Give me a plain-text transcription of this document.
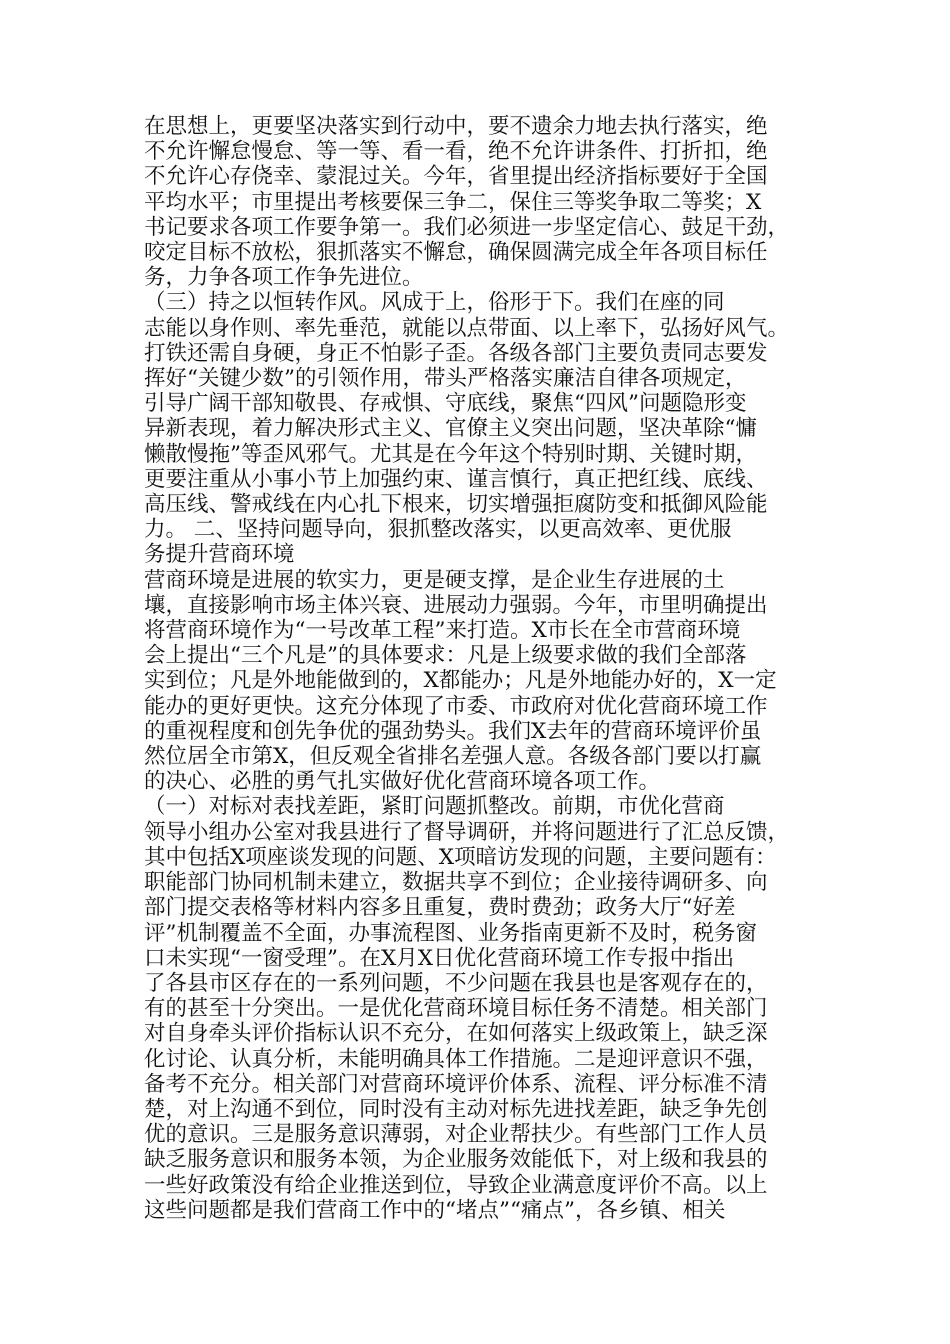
在思想上，更要坚决落实到行动中，要不遗余力地去执行落实，绝
不允许懈怠慢怠、等一等、看一看，绝不允许讲条件、打折扣，绝
不允许心存侥幸、蒙混过关。今年，省里提出经济指标要好于全国
平均水平；市里提出考核要保三争二，保住三等奖争取二等奖；X
书记要求各项工作要争第一。我们必须进一步坚定信心、鼓足干劲，
咬定目标不放松，狠抓落实不懈怠，确保圆满完成全年各项目标任
务，力争各项工作争先进位。

（三）持之以恒转作风。风成于上，俗形于下。我们在座的同
志能以身作则、率先垂范，就能以点带面、以上率下，弘扬好风气。
打铁还需自身硬，身正不怕影子歪。各级各部门主要负责同志要发
挥好“关键少数”的引领作用，带头严格落实廉洁自律各项规定，
引导广阔干部知敬畏、存戒惧、守底线，聚焦“四风”问题隐形变
异新表现，着力解决形式主义、官僚主义突出问题，坚决革除“慵
懒散慢拖”等歪风邪气。尤其是在今年这个特别时期、关键时期，
更要注重从小事小节上加强约束、谨言慎行，真正把红线、底线、
高压线、警戒线在内心扎下根来，切实增强拒腐防变和抵御风险能
力。 二、坚持问题导向，狠抓整改落实，以更高效率、更优服
务提升营商环境

营商环境是进展的软实力，更是硬支撑，是企业生存进展的土
壤，直接影响市场主体兴衰、进展动力强弱。今年，市里明确提出
将营商环境作为“一号改革工程”来打造。X市长在全市营商环境
会上提出“三个凡是”的具体要求：凡是上级要求做的我们全部落
实到位；凡是外地能做到的，X都能办；凡是外地能办好的，X一定
能办的更好更快。这充分体现了市委、市政府对优化营商环境工作
的重视程度和创先争优的强劲势头。我们X去年的营商环境评价虽
然位居全市第X，但反观全省排名差强人意。各级各部门要以打赢
的决心、必胜的勇气扎实做好优化营商环境各项工作。

（一）对标对表找差距，紧盯问题抓整改。前期，市优化营商
领导小组办公室对我县进行了督导调研，并将问题进行了汇总反馈，
其中包括X项座谈发现的问题、X项暗访发现的问题，主要问题有：
职能部门协同机制未建立，数据共享不到位；企业接待调研多、向
部门提交表格等材料内容多且重复，费时费劲；政务大厅“好差
评”机制覆盖不全面，办事流程图、业务指南更新不及时，税务窗
口未实现“一窗受理”。在X月X日优化营商环境工作专报中指出
了各县市区存在的一系列问题，不少问题在我县也是客观存在的，
有的甚至十分突出。一是优化营商环境目标任务不清楚。相关部门
对自身牵头评价指标认识不充分，在如何落实上级政策上，缺乏深
化讨论、认真分析，未能明确具体工作措施。二是迎评意识不强，
备考不充分。相关部门对营商环境评价体系、流程、评分标准不清
楚，对上沟通不到位，同时没有主动对标先进找差距，缺乏争先创
优的意识。三是服务意识薄弱，对企业帮扶少。有些部门工作人员
缺乏服务意识和服务本领，为企业服务效能低下，对上级和我县的
一些好政策没有给企业推送到位，导致企业满意度评价不高。以上
这些问题都是我们营商工作中的“堵点”“痛点”，各乡镇、相关
